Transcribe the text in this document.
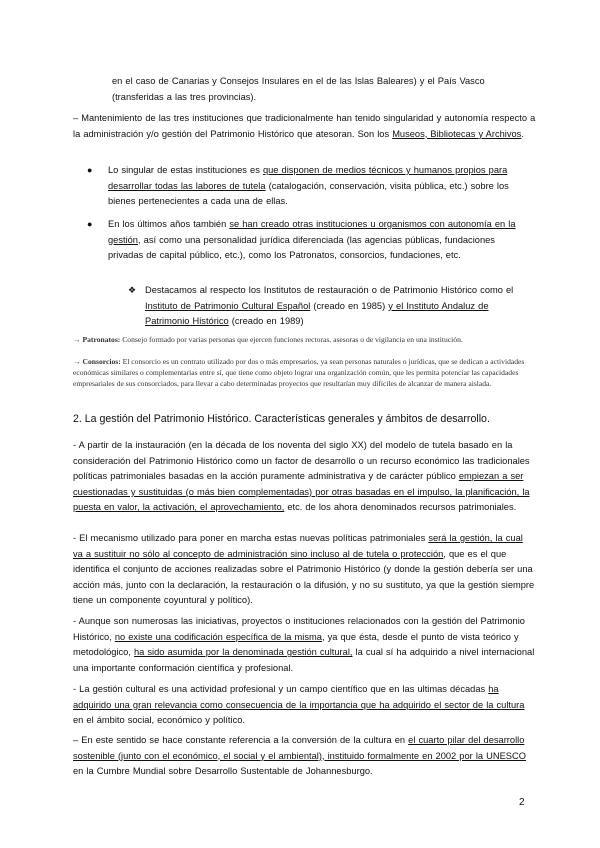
en el caso de Canarias y Consejos Insulares en el de las Islas Baleares) y el País Vasco
(transferidas a las tres provincias).
– Mantenimiento de las tres instituciones que tradicionalmente han tenido singularidad y autonomía respecto a la administración y/o gestión del Patrimonio Histórico que atesoran. Son los Museos, Bibliotecas y Archivos.
● Lo singular de estas instituciones es que disponen de medios técnicos y humanos propios para desarrollar todas las labores de tutela (catalogación, conservación, visita pública, etc.) sobre los bienes pertenecientes a cada una de ellas.
● En los últimos años también se han creado otras instituciones u organismos con autonomía en la gestión, así como una personalidad jurídica diferenciada (las agencias públicas, fundaciones privadas de capital público, etc.), como los Patronatos, consorcios, fundaciones, etc.
❖ Destacamos al respecto los Institutos de restauración o de Patrimonio Histórico como el Instituto de Patrimonio Cultural Español (creado en 1985) y el Instituto Andaluz de Patrimonio Histórico (creado en 1989)
→ Patronatos: Consejo formado por varias personas que ejercen funciones rectoras, asesoras o de vigilancia en una institución.
→ Consorcios: El consorcio es un contrato utilizado por dos o más empresarios, ya sean personas naturales o jurídicas, que se dedican a actividades económicas similares o complementarias entre sí, que tiene como objeto lograr una organización común, que les permita potenciar las capacidades empresariales de sus consorciados, para llevar a cabo determinadas proyectos que resultarían muy difíciles de alcanzar de manera aislada.
2. La gestión del Patrimonio Histórico. Características generales y ámbitos de desarrollo.
- A partir de la instauración (en la década de los noventa del siglo XX) del modelo de tutela basado en la consideración del Patrimonio Histórico como un factor de desarrollo o un recurso económico las tradicionales políticas patrimoniales basadas en la acción puramente administrativa y de carácter público empiezan a ser cuestionadas y sustituidas (o más bien complementadas) por otras basadas en el impulso, la planificación, la puesta en valor, la activación, el aprovechamiento, etc. de los ahora denominados recursos patrimoniales.
- El mecanismo utilizado para poner en marcha estas nuevas políticas patrimoniales será la gestión, la cual va a sustituir no sólo al concepto de administración sino incluso al de tutela o protección, que es el que identifica el conjunto de acciones realizadas sobre el Patrimonio Histórico (y donde la gestión debería ser una acción más, junto con la declaración, la restauración o la difusión, y no su sustituto, ya que la gestión siempre tiene un componente coyuntural y político).
- Aunque son numerosas las iniciativas, proyectos o instituciones relacionados con la gestión del Patrimonio Histórico, no existe una codificación específica de la misma, ya que ésta, desde el punto de vista teórico y metodológico, ha sido asumida por la denominada gestión cultural, la cual sí ha adquirido a nivel internacional una importante conformación científica y profesional.
- La gestión cultural es una actividad profesional y un campo científico que en las ultimas décadas ha adquirido una gran relevancia como consecuencia de la importancia que ha adquirido el sector de la cultura en el ámbito social, económico y político.
– En este sentido se hace constante referencia a la conversión de la cultura en el cuarto pilar del desarrollo sostenible (junto con el económico, el social y el ambiental), instituido formalmente en 2002 por la UNESCO en la Cumbre Mundial sobre Desarrollo Sustentable de Johannesburgo.
2
